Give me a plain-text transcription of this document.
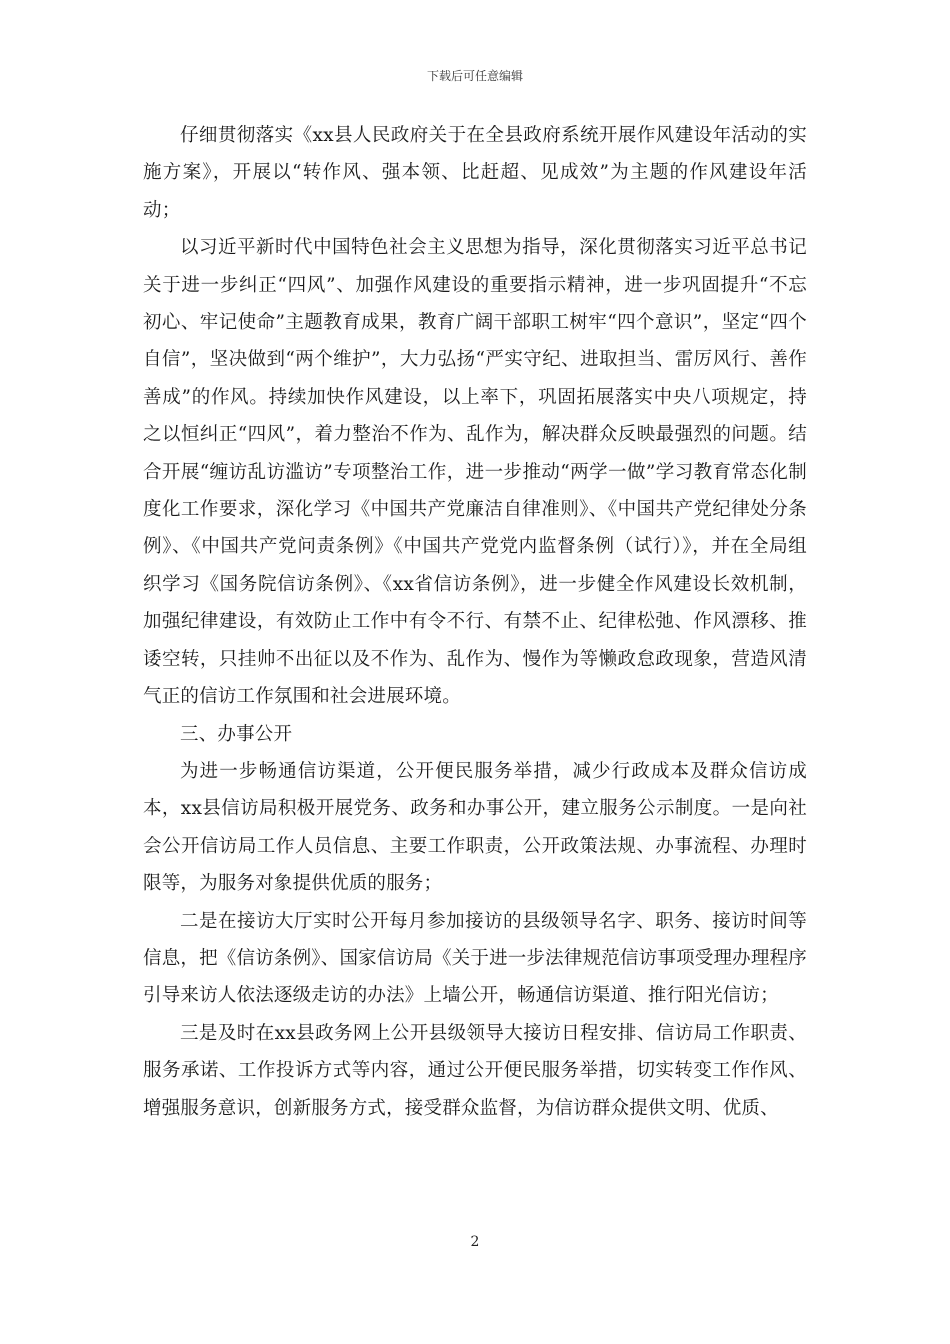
下载后可任意编辑

仔细贯彻落实《xx县人民政府关于在全县政府系统开展作风建设年活动的实施方案》，开展以“转作风、强本领、比赶超、见成效”为主题的作风建设年活动；

以习近平新时代中国特色社会主义思想为指导，深化贯彻落实习近平总书记关于进一步纠正“四风”、加强作风建设的重要指示精神，进一步巩固提升“不忘初心、牢记使命”主题教育成果，教育广阔干部职工树牢“四个意识”，坚定“四个自信”，坚决做到“两个维护”，大力弘扬“严实守纪、进取担当、雷厉风行、善作善成”的作风。持续加快作风建设，以上率下，巩固拓展落实中央八项规定，持之以恒纠正“四风”，着力整治不作为、乱作为，解决群众反映最强烈的问题。结合开展“缠访乱访滥访”专项整治工作，进一步推动“两学一做”学习教育常态化制度化工作要求，深化学习《中国共产党廉洁自律准则》、《中国共产党纪律处分条例》、《中国共产党问责条例》《中国共产党党内监督条例（试行）》，并在全局组织学习《国务院信访条例》、《xx省信访条例》，进一步健全作风建设长效机制，加强纪律建设，有效防止工作中有令不行、有禁不止、纪律松弛、作风漂移、推诿空转，只挂帅不出征以及不作为、乱作为、慢作为等懒政怠政现象，营造风清气正的信访工作氛围和社会进展环境。

三、办事公开

为进一步畅通信访渠道，公开便民服务举措，减少行政成本及群众信访成本，xx县信访局积极开展党务、政务和办事公开，建立服务公示制度。一是向社会公开信访局工作人员信息、主要工作职责，公开政策法规、办事流程、办理时限等，为服务对象提供优质的服务；

二是在接访大厅实时公开每月参加接访的县级领导名字、职务、接访时间等信息，把《信访条例》、国家信访局《关于进一步法律规范信访事项受理办理程序引导来访人依法逐级走访的办法》上墙公开，畅通信访渠道、推行阳光信访；

三是及时在xx县政务网上公开县级领导大接访日程安排、信访局工作职责、服务承诺、工作投诉方式等内容，通过公开便民服务举措，切实转变工作作风、增强服务意识，创新服务方式，接受群众监督，为信访群众提供文明、优质、

2
